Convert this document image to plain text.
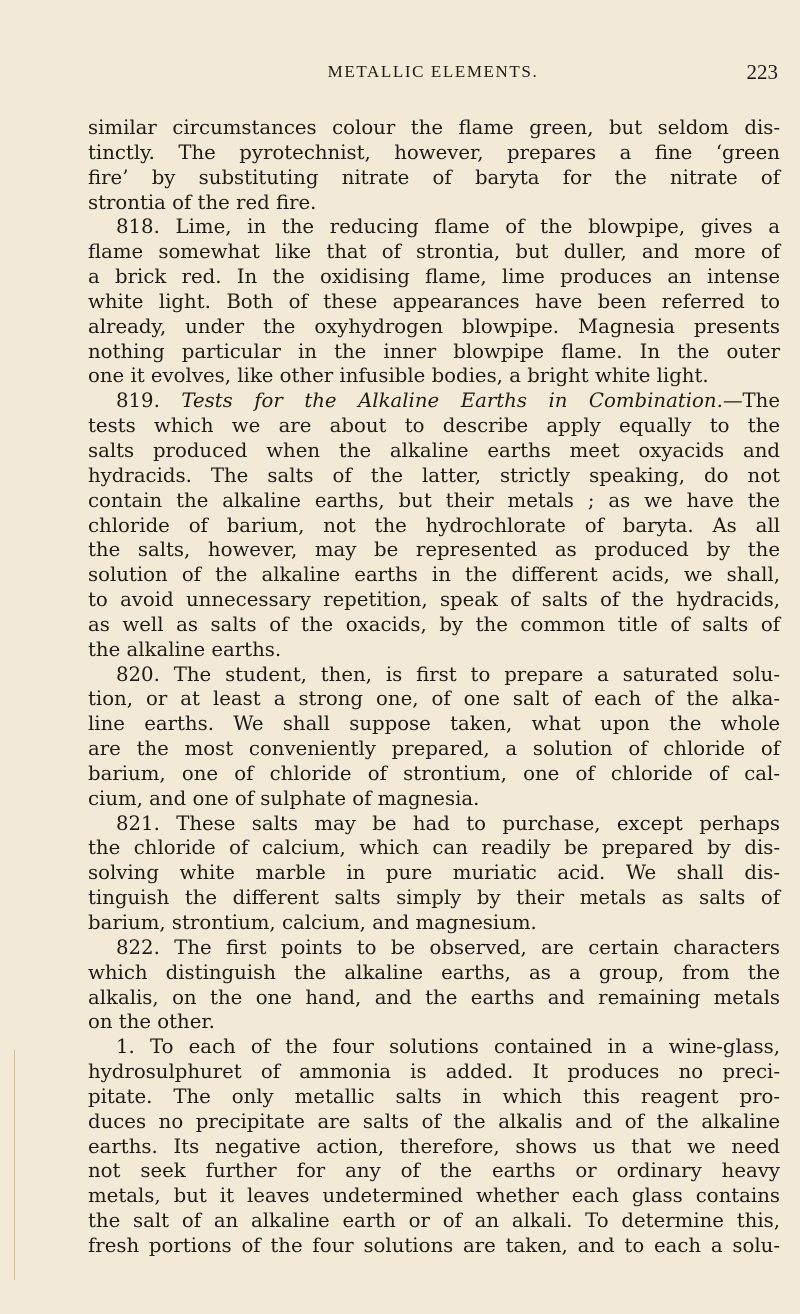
METALLIC ELEMENTS.	223
similar circumstances colour the flame green, but seldom dis-
tinctly. The pyrotechnist, however, prepares a fine ‘green
fire’ by substituting nitrate of baryta for the nitrate of
strontia of the red fire.
818. Lime, in the reducing flame of the blowpipe, gives a
flame somewhat like that of strontia, but duller, and more of
a brick red. In the oxidising flame, lime produces an intense
white light. Both of these appearances have been referred to
already, under the oxyhydrogen blowpipe. Magnesia presents
nothing particular in the inner blowpipe flame. In the outer
one it evolves, like other infusible bodies, a bright white light.
819. Tests for the Alkaline Earths in Combination.—The
tests which we are about to describe apply equally to the
salts produced when the alkaline earths meet oxyacids and
hydracids. The salts of the latter, strictly speaking, do not
contain the alkaline earths, but their metals ; as we have the
chloride of barium, not the hydrochlorate of baryta. As all
the salts, however, may be represented as produced by the
solution of the alkaline earths in the different acids, we shall,
to avoid unnecessary repetition, speak of salts of the hydracids,
as well as salts of the oxacids, by the common title of salts of
the alkaline earths.
820. The student, then, is first to prepare a saturated solu-
tion, or at least a strong one, of one salt of each of the alka-
line earths. We shall suppose taken, what upon the whole
are the most conveniently prepared, a solution of chloride of
barium, one of chloride of strontium, one of chloride of cal-
cium, and one of sulphate of magnesia.
821. These salts may be had to purchase, except perhaps
the chloride of calcium, which can readily be prepared by dis-
solving white marble in pure muriatic acid. We shall dis-
tinguish the different salts simply by their metals as salts of
barium, strontium, calcium, and magnesium.
822. The first points to be observed, are certain characters
which distinguish the alkaline earths, as a group, from the
alkalis, on the one hand, and the earths and remaining metals
on the other.
1. To each of the four solutions contained in a wine-glass,
hydrosulphuret of ammonia is added. It produces no preci-
pitate. The only metallic salts in which this reagent pro-
duces no precipitate are salts of the alkalis and of the alkaline
earths. Its negative action, therefore, shows us that we need
not seek further for any of the earths or ordinary heavy
metals, but it leaves undetermined whether each glass contains
the salt of an alkaline earth or of an alkali. To determine this,
fresh portions of the four solutions are taken, and to each a solu-
